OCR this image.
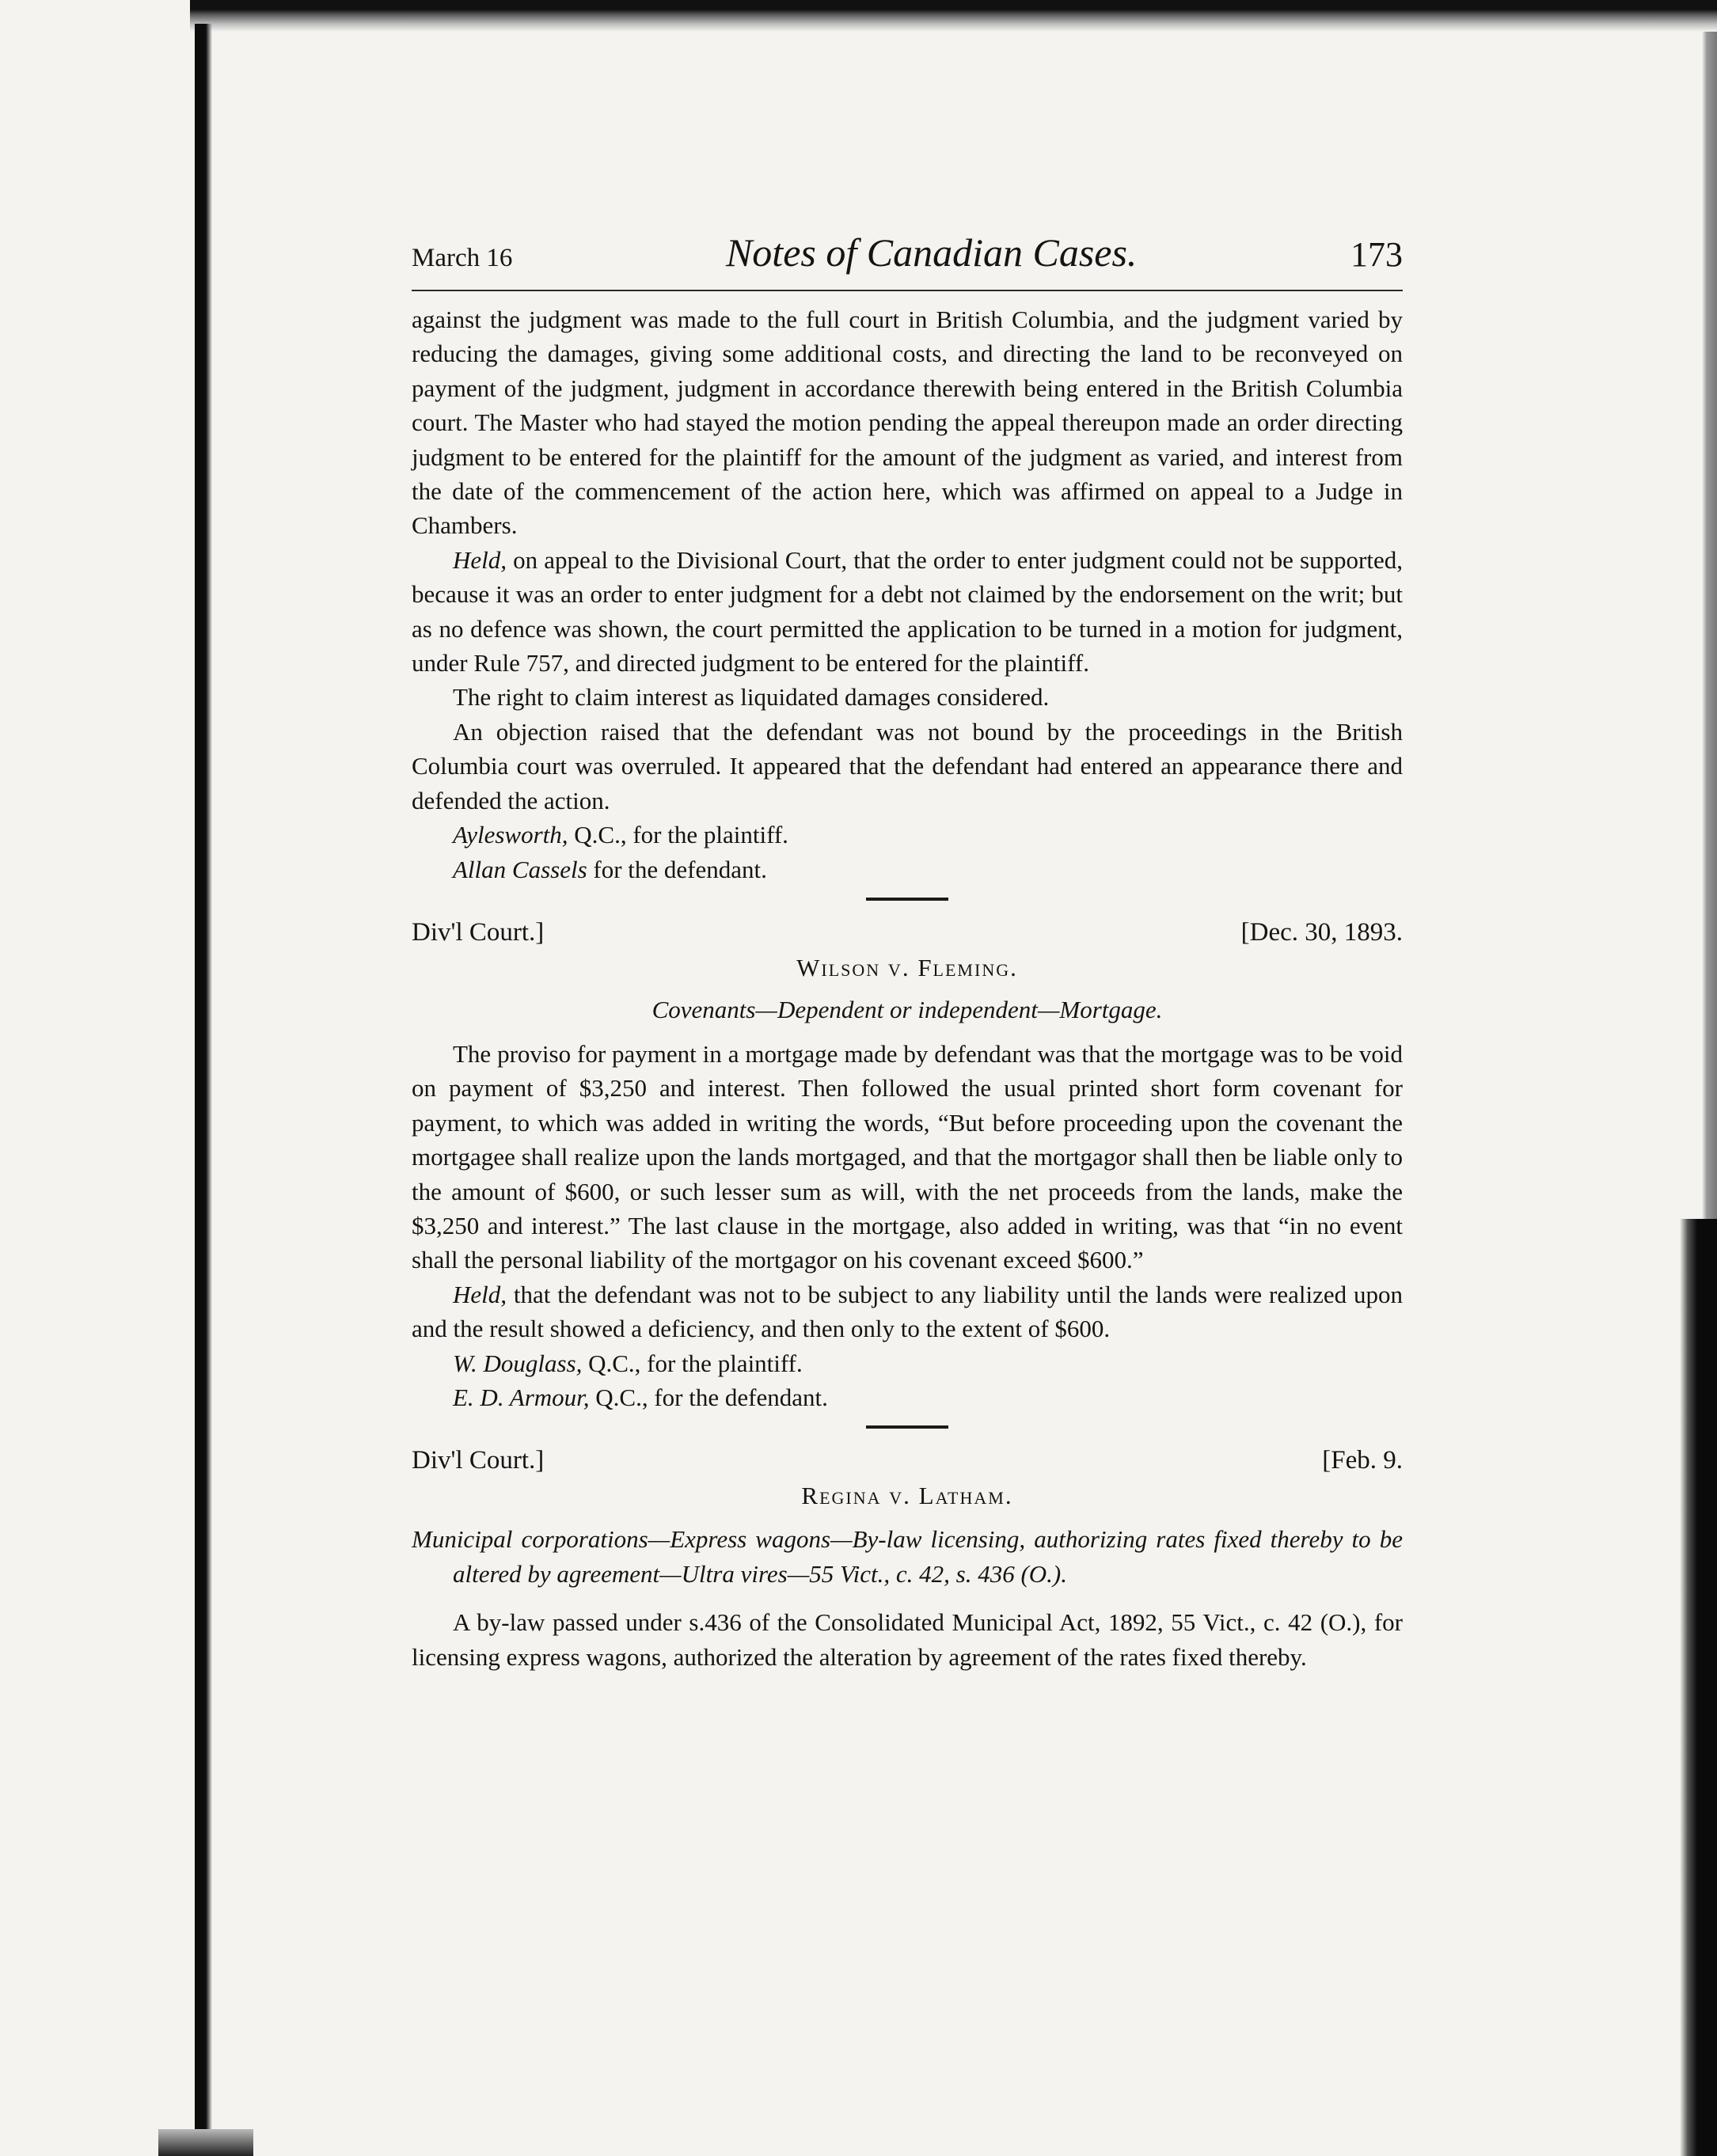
March 16	Notes of Canadian Cases.	173

against the judgment was made to the full court in British Columbia, and the judgment varied by reducing the damages, giving some additional costs, and directing the land to be reconveyed on payment of the judgment, judgment in accordance therewith being entered in the British Columbia court. The Master who had stayed the motion pending the appeal thereupon made an order directing judgment to be entered for the plaintiff for the amount of the judgment as varied, and interest from the date of the commencement of the action here, which was affirmed on appeal to a Judge in Chambers.

Held, on appeal to the Divisional Court, that the order to enter judgment could not be supported, because it was an order to enter judgment for a debt not claimed by the endorsement on the writ; but as no defence was shown, the court permitted the application to be turned in a motion for judgment, under Rule 757, and directed judgment to be entered for the plaintiff.

The right to claim interest as liquidated damages considered.

An objection raised that the defendant was not bound by the proceedings in the British Columbia court was overruled. It appeared that the defendant had entered an appearance there and defended the action.

Aylesworth, Q.C., for the plaintiff.

Allan Cassels for the defendant.

Div'l Court.]	[Dec. 30, 1893.
Wilson v. Fleming.
Covenants—Dependent or independent—Mortgage.

The proviso for payment in a mortgage made by defendant was that the mortgage was to be void on payment of $3,250 and interest. Then followed the usual printed short form covenant for payment, to which was added in writing the words, “But before proceeding upon the covenant the mortgagee shall realize upon the lands mortgaged, and that the mortgagor shall then be liable only to the amount of $600, or such lesser sum as will, with the net proceeds from the lands, make the $3,250 and interest.” The last clause in the mortgage, also added in writing, was that “in no event shall the personal liability of the mortgagor on his covenant exceed $600.”

Held, that the defendant was not to be subject to any liability until the lands were realized upon and the result showed a deficiency, and then only to the extent of $600.

W. Douglass, Q.C., for the plaintiff.

E. D. Armour, Q.C., for the defendant.

Div'l Court.]	[Feb. 9.
Regina v. Latham.

Municipal corporations—Express wagons—By-law licensing, authorizing rates fixed thereby to be altered by agreement—Ultra vires—55 Vict., c. 42, s. 436 (O.).

A by-law passed under s.436 of the Consolidated Municipal Act, 1892, 55 Vict., c. 42 (O.), for licensing express wagons, authorized the alteration by agreement of the rates fixed thereby.
